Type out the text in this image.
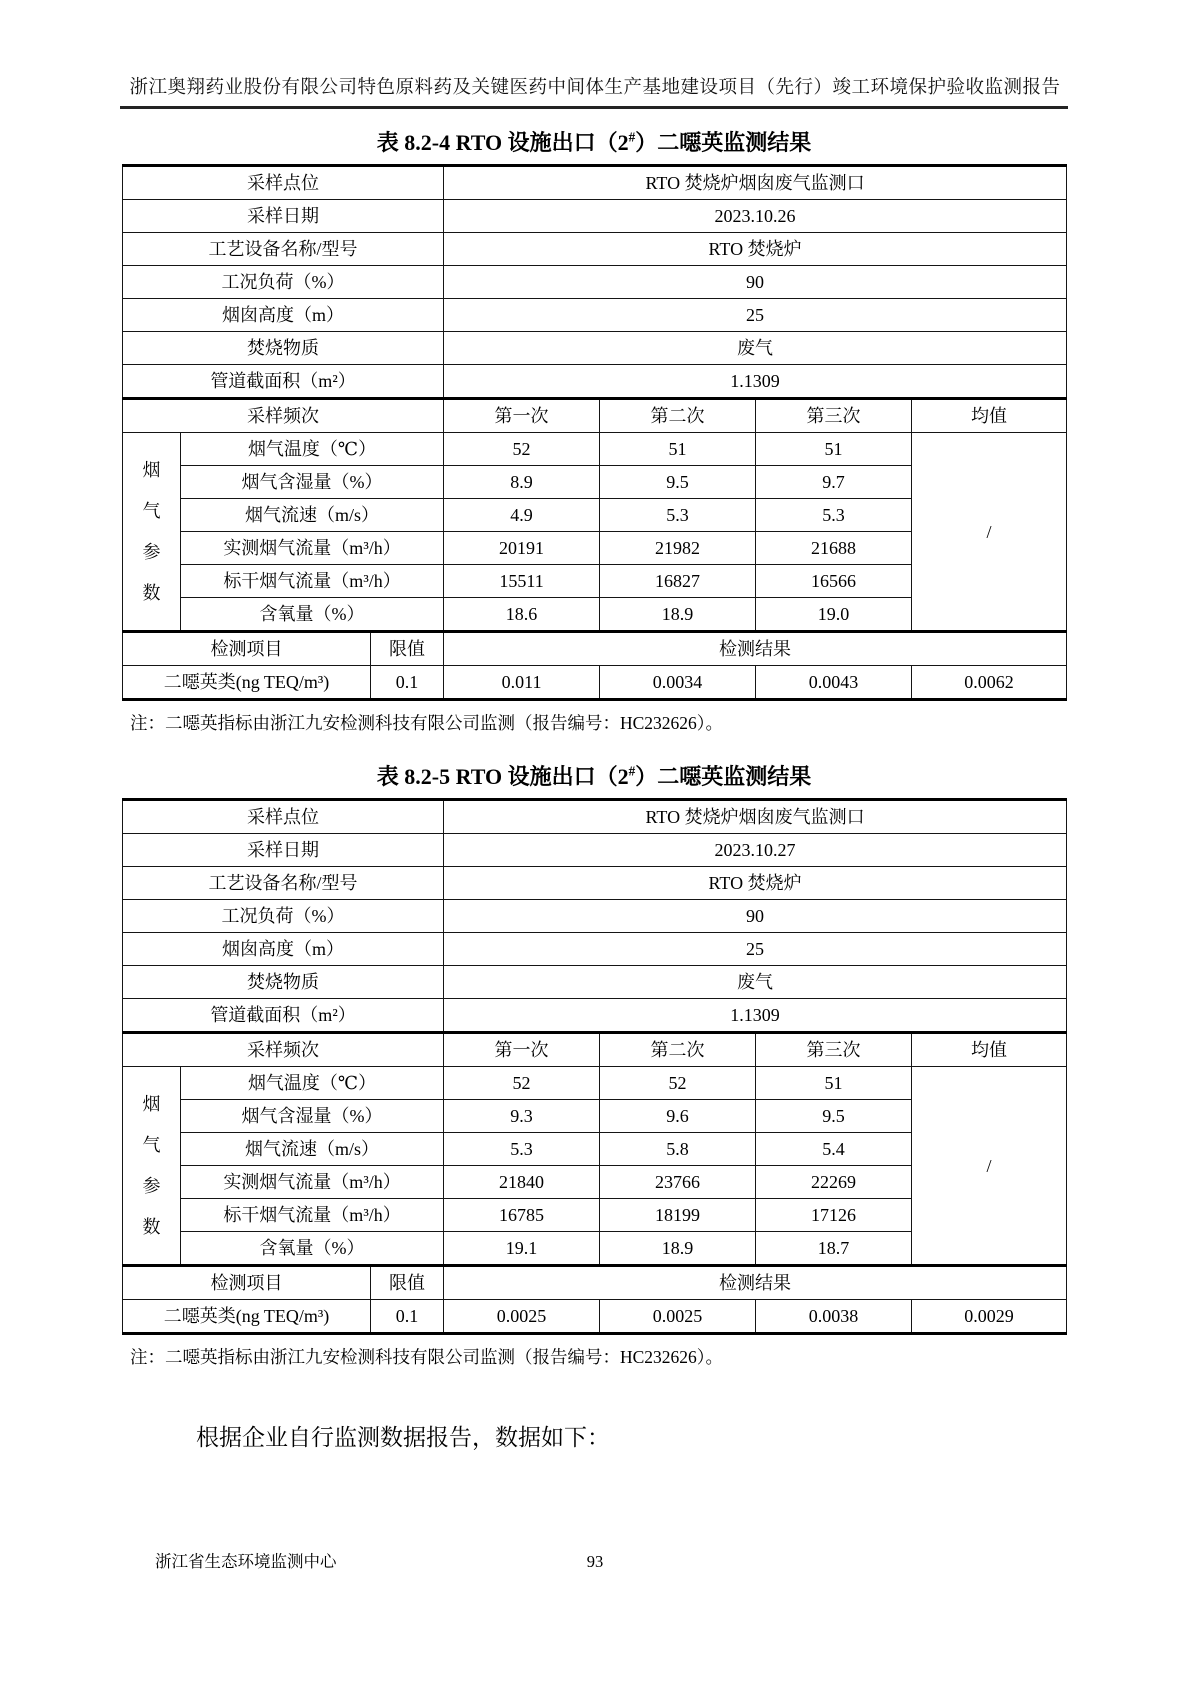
浙江奥翔药业股份有限公司特色原料药及关键医药中间体生产基地建设项目（先行）竣工环境保护验收监测报告
表 8.2-4 RTO 设施出口（2#）二噁英监测结果
采样点位			RTO 焚烧炉烟囱废气监测口			
采样日期			2023.10.26			
工艺设备名称/型号			RTO 焚烧炉			
工况负荷（%）			90			
烟囱高度（m）			25			
焚烧物质			废气			
管道截面积（m²）			1.1309			
采样频次			第一次	第二次	第三次	均值

烟
气
参
数	烟气温度（℃）		52	51	51	/
	烟气含湿量（%）		8.9	9.5	9.7	
	烟气流速（m/s）		4.9	5.3	5.3	
	实测烟气流量（m³/h）		20191	21982	21688	
	标干烟气流量（m³/h）		15511	16827	16566	
	含氧量（%）		18.6	18.9	19.0	
检测项目		限值	检测结果			
二噁英类(ng TEQ/m³)		0.1	0.011	0.0034	0.0043	0.0062

注：二噁英指标由浙江九安检测科技有限公司监测（报告编号：HC232626）。

表 8.2-5 RTO 设施出口（2#）二噁英监测结果
采样点位			RTO 焚烧炉烟囱废气监测口			
采样日期			2023.10.27			
工艺设备名称/型号			RTO 焚烧炉			
工况负荷（%）			90			
烟囱高度（m）			25			
焚烧物质			废气			
管道截面积（m²）			1.1309			
采样频次			第一次	第二次	第三次	均值

烟
气
参
数	烟气温度（℃）		52	52	51	/
	烟气含湿量（%）		9.3	9.6	9.5	
	烟气流速（m/s）		5.3	5.8	5.4	
	实测烟气流量（m³/h）		21840	23766	22269	
	标干烟气流量（m³/h）		16785	18199	17126	
	含氧量（%）		19.1	18.9	18.7	
检测项目		限值	检测结果			
二噁英类(ng TEQ/m³)		0.1	0.0025	0.0025	0.0038	0.0029

注：二噁英指标由浙江九安检测科技有限公司监测（报告编号：HC232626）。

根据企业自行监测数据报告，数据如下：

浙江省生态环境监测中心	93
